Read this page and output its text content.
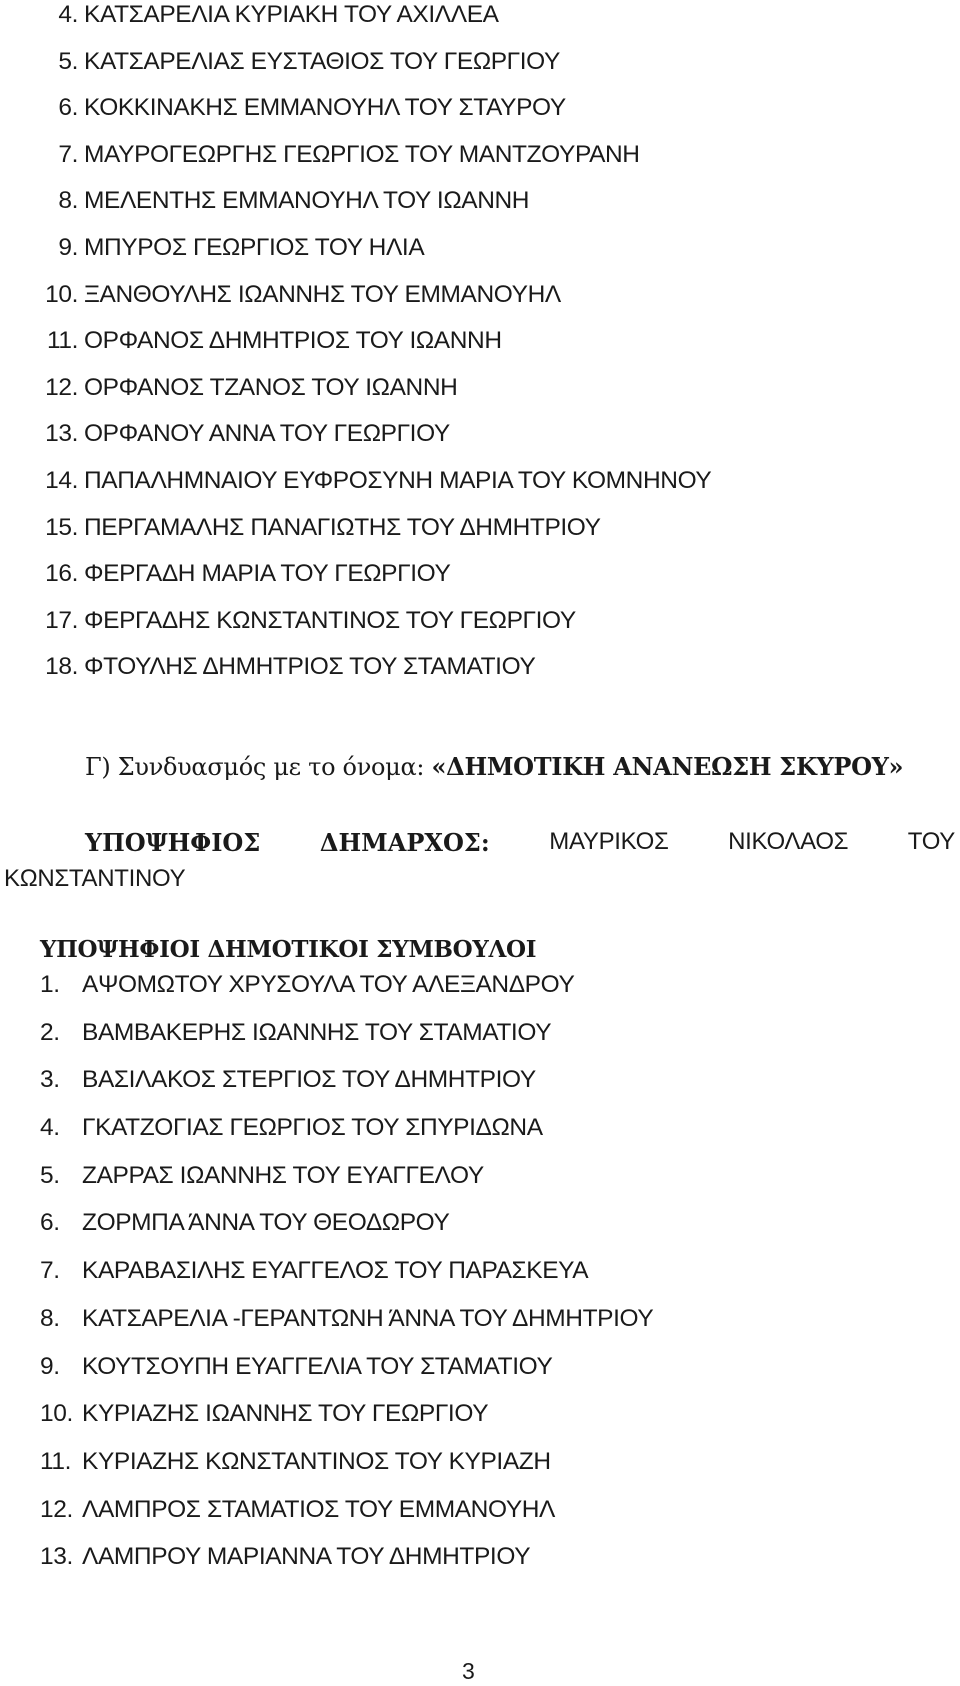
4. ΚΑΤΣΑΡΕΛΙΑ ΚΥΡΙΑΚΗ ΤΟΥ ΑΧΙΛΛΕΑ
5. ΚΑΤΣΑΡΕΛΙΑΣ ΕΥΣΤΑΘΙΟΣ ΤΟΥ ΓΕΩΡΓΙΟΥ
6. ΚΟΚΚΙΝΑΚΗΣ ΕΜΜΑΝΟΥΗΛ ΤΟΥ ΣΤΑΥΡΟΥ
7. ΜΑΥΡΟΓΕΩΡΓΗΣ ΓΕΩΡΓΙΟΣ ΤΟΥ ΜΑΝΤΖΟΥΡΑΝΗ
8. ΜΕΛΕΝΤΗΣ ΕΜΜΑΝΟΥΗΛ ΤΟΥ ΙΩΑΝΝΗ
9. ΜΠΥΡΟΣ ΓΕΩΡΓΙΟΣ ΤΟΥ ΗΛΙΑ
10. ΞΑΝΘΟΥΛΗΣ ΙΩΑΝΝΗΣ ΤΟΥ ΕΜΜΑΝΟΥΗΛ
11. ΟΡΦΑΝΟΣ ΔΗΜΗΤΡΙΟΣ ΤΟΥ ΙΩΑΝΝΗ
12. ΟΡΦΑΝΟΣ ΤΖΑΝΟΣ ΤΟΥ ΙΩΑΝΝΗ
13. ΟΡΦΑΝΟΥ ΑΝΝΑ ΤΟΥ ΓΕΩΡΓΙΟΥ
14. ΠΑΠΑΛΗΜΝΑΙΟΥ ΕΥΦΡΟΣΥΝΗ ΜΑΡΙΑ ΤΟΥ ΚΟΜΝΗΝΟΥ
15. ΠΕΡΓΑΜΑΛΗΣ ΠΑΝΑΓΙΩΤΗΣ ΤΟΥ ΔΗΜΗΤΡΙΟΥ
16. ΦΕΡΓΑΔΗ ΜΑΡΙΑ ΤΟΥ ΓΕΩΡΓΙΟΥ
17. ΦΕΡΓΑΔΗΣ ΚΩΝΣΤΑΝΤΙΝΟΣ ΤΟΥ ΓΕΩΡΓΙΟΥ
18. ΦΤΟΥΛΗΣ ΔΗΜΗΤΡΙΟΣ ΤΟΥ ΣΤΑΜΑΤΙΟΥ
Γ) Συνδυασμός με το όνομα: «ΔΗΜΟΤΙΚΗ ΑΝΑΝΕΩΣΗ ΣΚΥΡΟΥ»
ΥΠΟΨΗΦΙΟΣ ΔΗΜΑΡΧΟΣ: ΜΑΥΡΙΚΟΣ ΝΙΚΟΛΑΟΣ ΤΟΥ
ΚΩΝΣΤΑΝΤΙΝΟΥ
ΥΠΟΨΗΦΙΟΙ ΔΗΜΟΤΙΚΟΙ ΣΥΜΒΟΥΛΟΙ
1. ΑΨΟΜΩΤΟΥ ΧΡΥΣΟΥΛΑ ΤΟΥ ΑΛΕΞΑΝΔΡΟΥ
2. ΒΑΜΒΑΚΕΡΗΣ ΙΩΑΝΝΗΣ ΤΟΥ ΣΤΑΜΑΤΙΟΥ
3. ΒΑΣΙΛΑΚΟΣ ΣΤΕΡΓΙΟΣ ΤΟΥ ΔΗΜΗΤΡΙΟΥ
4. ΓΚΑΤΖΟΓΙΑΣ ΓΕΩΡΓΙΟΣ ΤΟΥ ΣΠΥΡΙΔΩΝΑ
5. ΖΑΡΡΑΣ ΙΩΑΝΝΗΣ ΤΟΥ ΕΥΑΓΓΕΛΟΥ
6. ΖΟΡΜΠΑ ΆΝΝΑ ΤΟΥ ΘΕΟΔΩΡΟΥ
7. ΚΑΡΑΒΑΣΙΛΗΣ ΕΥΑΓΓΕΛΟΣ ΤΟΥ ΠΑΡΑΣΚΕΥΑ
8. ΚΑΤΣΑΡΕΛΙΑ -ΓΕΡΑΝΤΩΝΗ ΆΝΝΑ ΤΟΥ ΔΗΜΗΤΡΙΟΥ
9. ΚΟΥΤΣΟΥΠΗ ΕΥΑΓΓΕΛΙΑ ΤΟΥ ΣΤΑΜΑΤΙΟΥ
10. ΚΥΡΙΑΖΗΣ ΙΩΑΝΝΗΣ ΤΟΥ ΓΕΩΡΓΙΟΥ
11. ΚΥΡΙΑΖΗΣ ΚΩΝΣΤΑΝΤΙΝΟΣ ΤΟΥ ΚΥΡΙΑΖΗ
12. ΛΑΜΠΡΟΣ ΣΤΑΜΑΤΙΟΣ ΤΟΥ ΕΜΜΑΝΟΥΗΛ
13. ΛΑΜΠΡΟΥ ΜΑΡΙΑΝΝΑ ΤΟΥ ΔΗΜΗΤΡΙΟΥ
3
